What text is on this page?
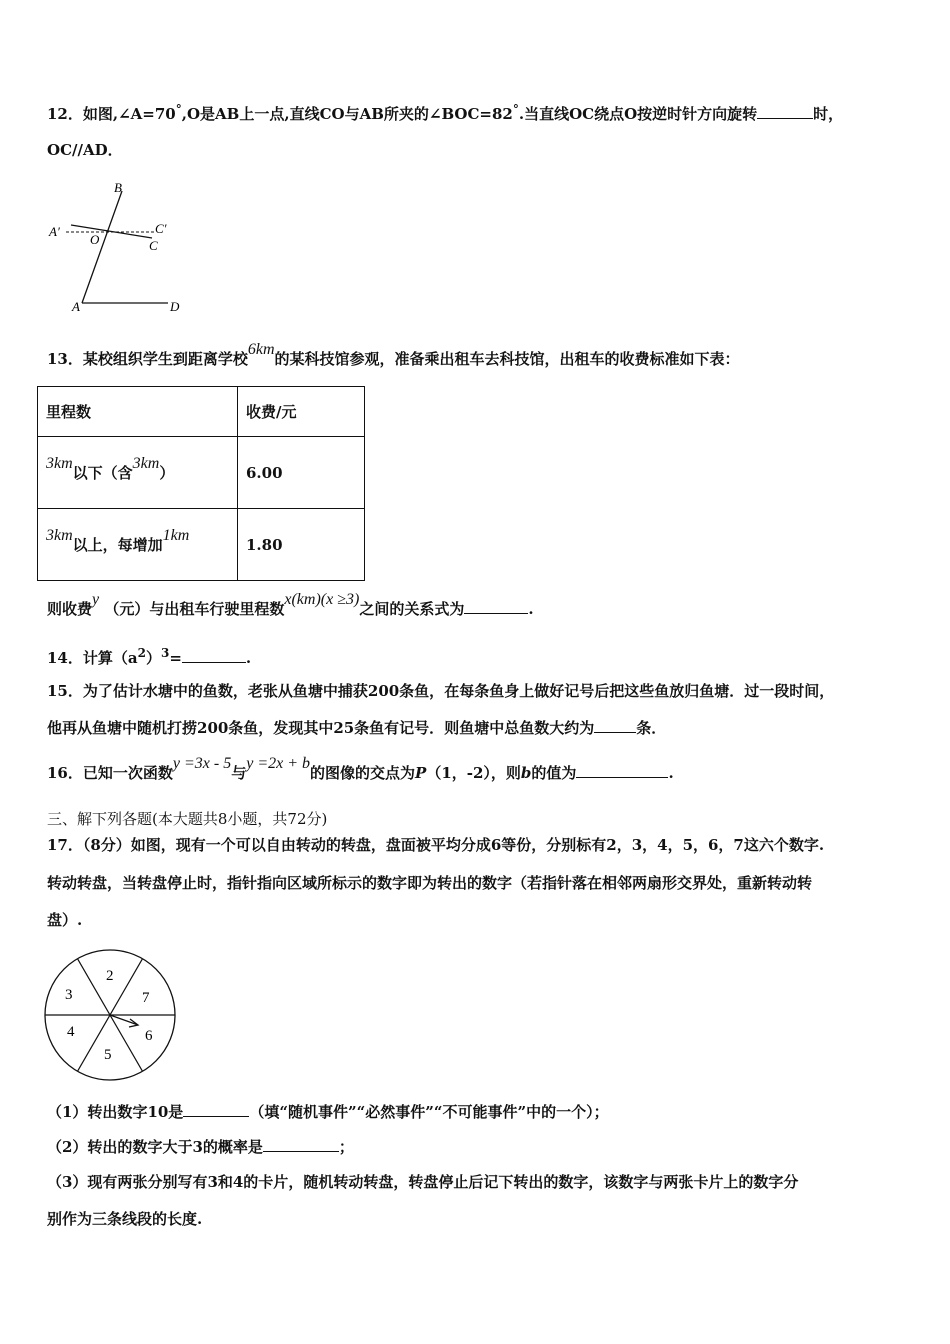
12．如图,∠A=70°,O是AB上一点,直线CO与AB所夹的∠BOC=82°.当直线OC绕点O按逆时针方向旋转	时，
OC//AD．
B
A′
O
C′
C
A	D
13．某校组织学生到距离学校6km的某科技馆参观，准备乘出租车去科技馆，出租车的收费标准如下表：
里程数	收费/元
3km以下（含3km）	6.00
3km以上，每增加1km	1.80
则收费y （元）与出租车行驶里程数x(km)(x ≥3)之间的关系式为	.
14．计算$(a^2)^3=$	.
15．为了估计水塘中的鱼数，老张从鱼塘中捕获200条鱼，在每条鱼身上做好记号后把这些鱼放归鱼塘．过一段时间，
他再从鱼塘中随机打捞200条鱼，发现其中25条鱼有记号．则鱼塘中总鱼数大约为	条．
16．已知一次函数y =3x - 5与y =2x + b的图像的交点为P（1，-2），则b的值为	.
三、解下列各题(本大题共8小题，共72分)
17．（8分）如图，现有一个可以自由转动的转盘，盘面被平均分成6等份，分别标有2，3，4，5，6，7这六个数字.
转动转盘，当转盘停止时，指针指向区域所标示的数字即为转出的数字（若指针落在相邻两扇形交界处，重新转动转
盘）.
2
3	7
4	6
5
（1）转出数字10是	（填“随机事件”“必然事件”“不可能事件”中的一个）；
（2）转出的数字大于3的概率是	；
（3）现有两张分别写有3和4的卡片，随机转动转盘，转盘停止后记下转出的数字，该数字与两张卡片上的数字分
别作为三条线段的长度.
